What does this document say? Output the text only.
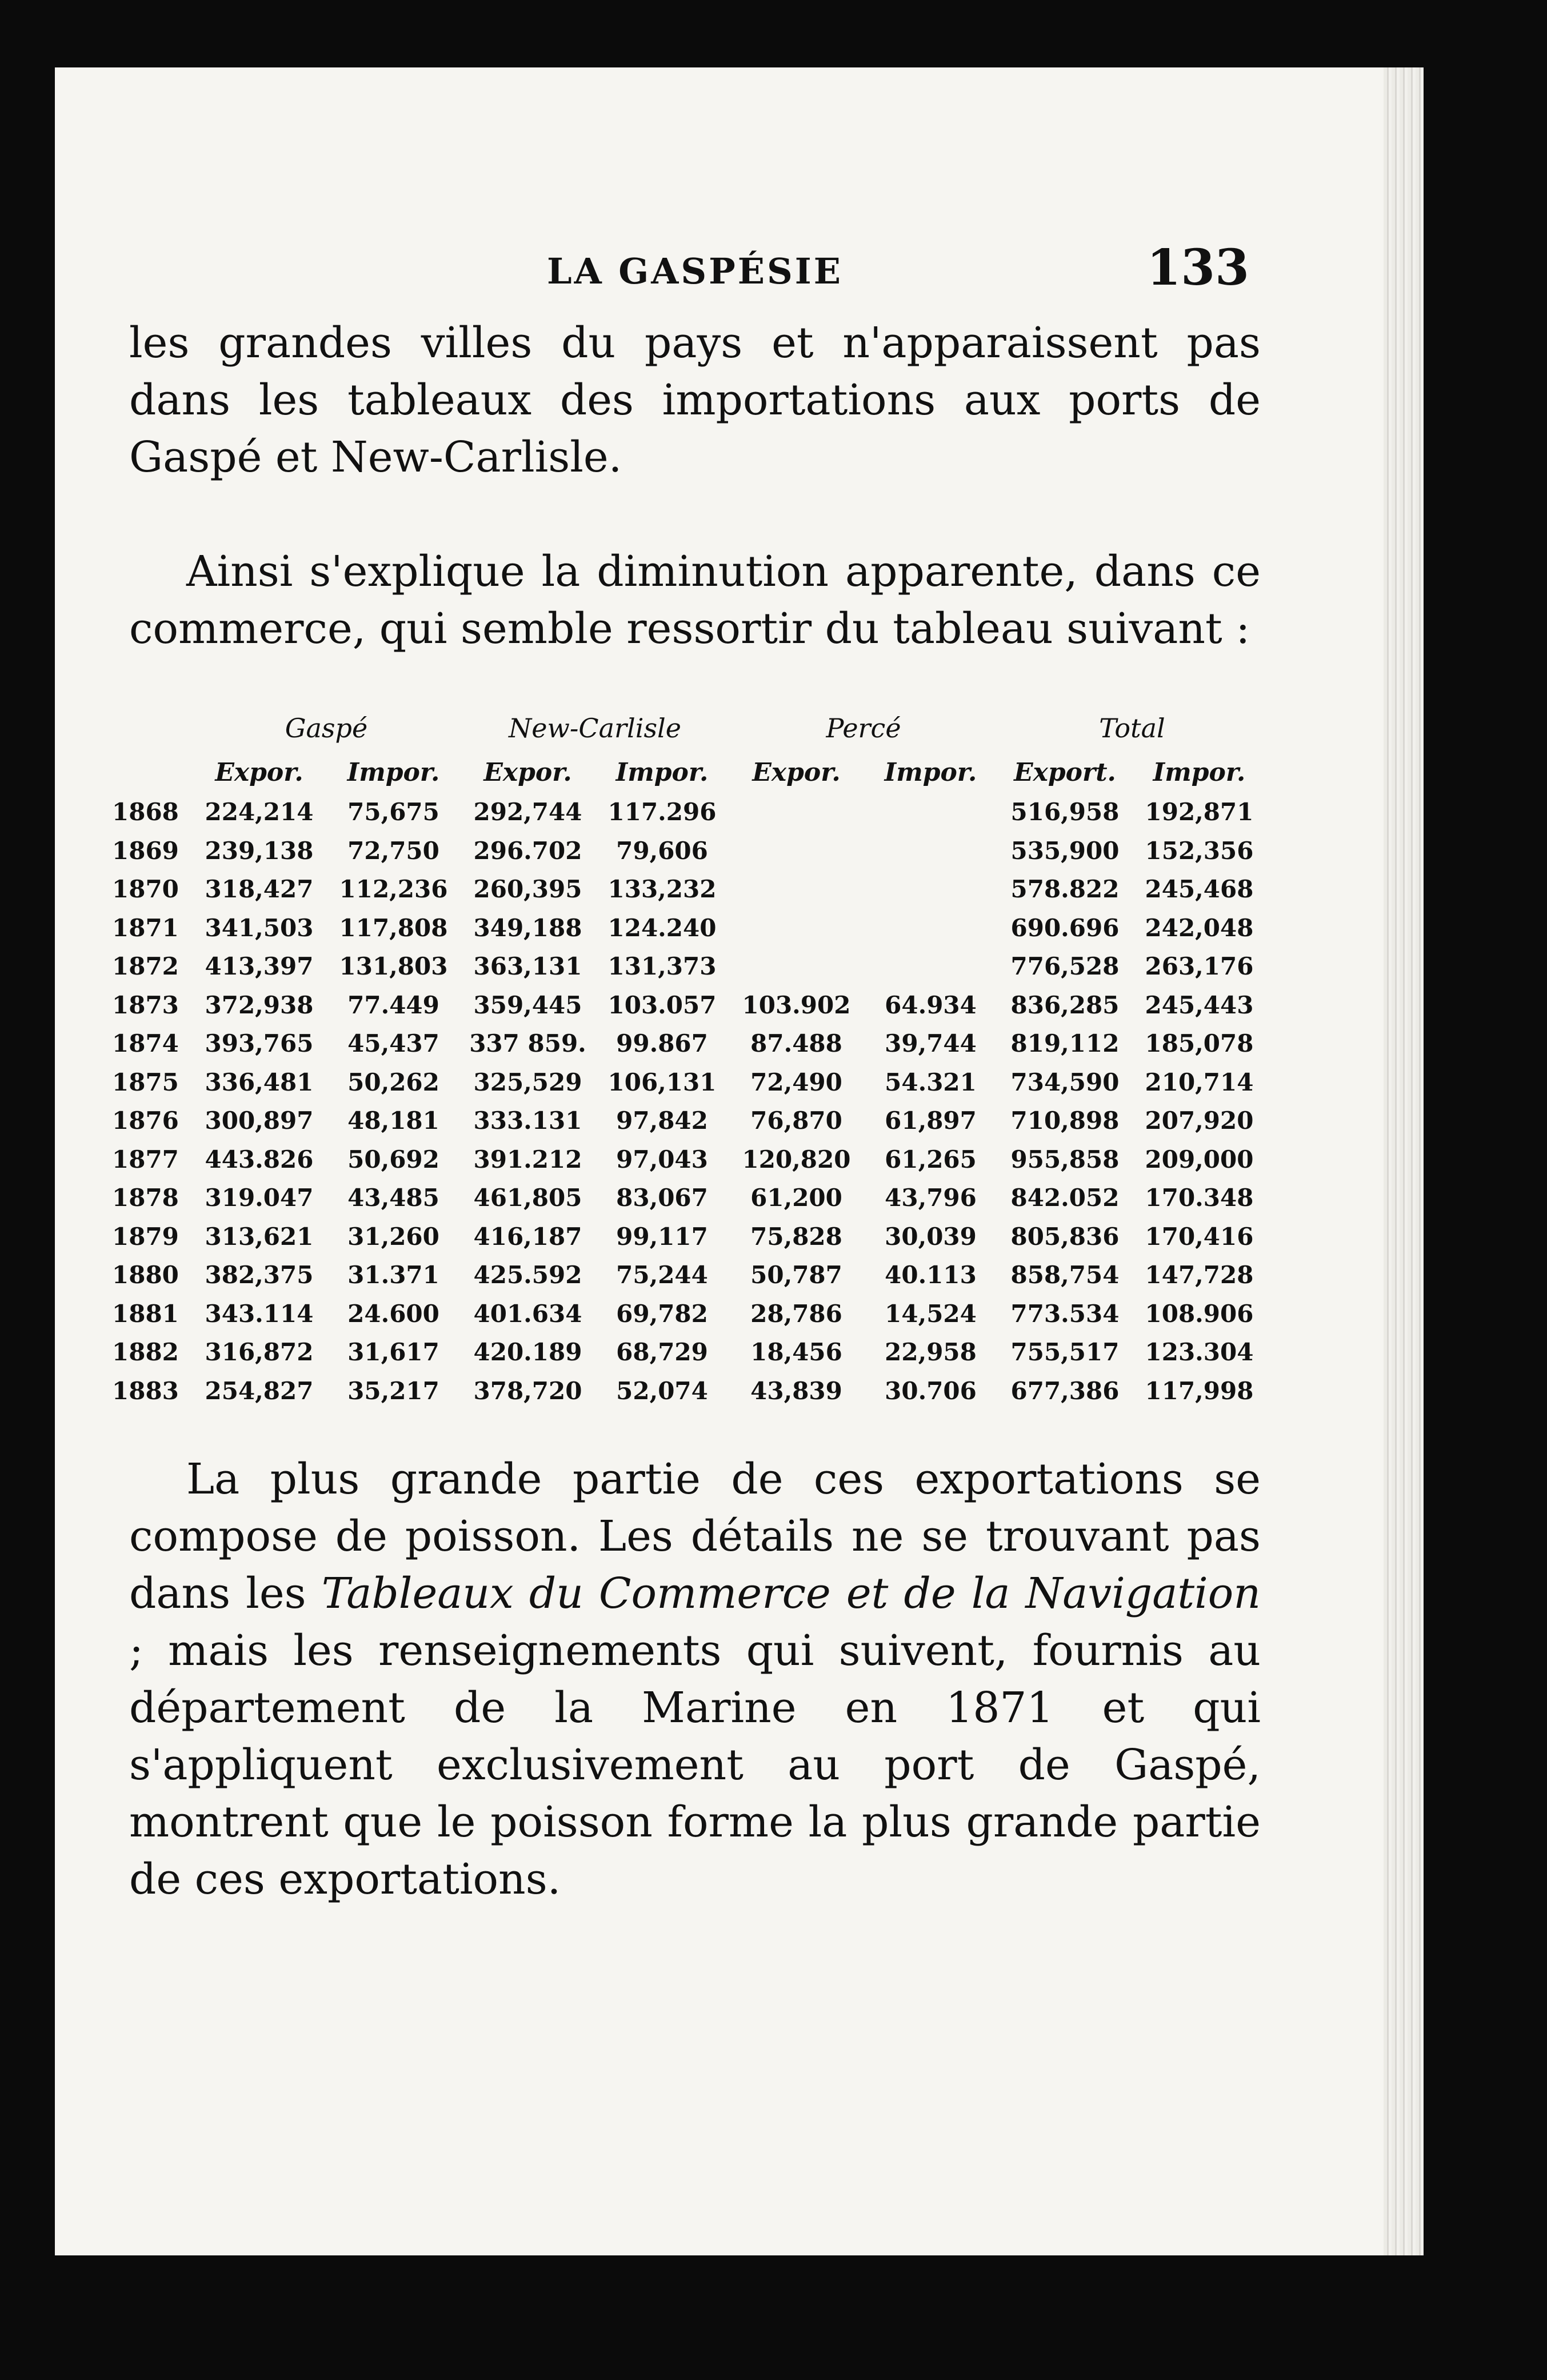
LA GASPÉSIE	133

les grandes villes du pays et n'apparaissent pas dans les tableaux des importations aux ports de Gaspé et New-Carlisle.

Ainsi s'explique la diminution apparente, dans ce commerce, qui semble ressortir du tableau suivant :

	Gaspé		New-Carlisle		Percé		Total	
	Expor.	Impor.	Expor.	Impor.	Expor.	Impor.	Export.	Impor.
1868	224,214	75,675	292,744	117.296			516,958	192,871
1869	239,138	72,750	296.702	79,606			535,900	152,356
1870	318,427	112,236	260,395	133,232			578.822	245,468
1871	341,503	117,808	349,188	124.240			690.696	242,048
1872	413,397	131,803	363,131	131,373			776,528	263,176
1873	372,938	77.449	359,445	103.057	103.902	64.934	836,285	245,443
1874	393,765	45,437	337 859.	99.867	87.488	39,744	819,112	185,078
1875	336,481	50,262	325,529	106,131	72,490	54.321	734,590	210,714
1876	300,897	48,181	333.131	97,842	76,870	61,897	710,898	207,920
1877	443.826	50,692	391.212	97,043	120,820	61,265	955,858	209,000
1878	319.047	43,485	461,805	83,067	61,200	43,796	842.052	170.348
1879	313,621	31,260	416,187	99,117	75,828	30,039	805,836	170,416
1880	382,375	31.371	425.592	75,244	50,787	40.113	858,754	147,728
1881	343.114	24.600	401.634	69,782	28,786	14,524	773.534	108.906
1882	316,872	31,617	420.189	68,729	18,456	22,958	755,517	123.304
1883	254,827	35,217	378,720	52,074	43,839	30.706	677,386	117,998

La plus grande partie de ces exportations se compose de poisson. Les détails ne se trouvant pas dans les Tableaux du Commerce et de la Navigation ; mais les renseignements qui suivent, fournis au département de la Marine en 1871 et qui s'appliquent exclusivement au port de Gaspé, montrent que le poisson forme la plus grande partie de ces exportations.
